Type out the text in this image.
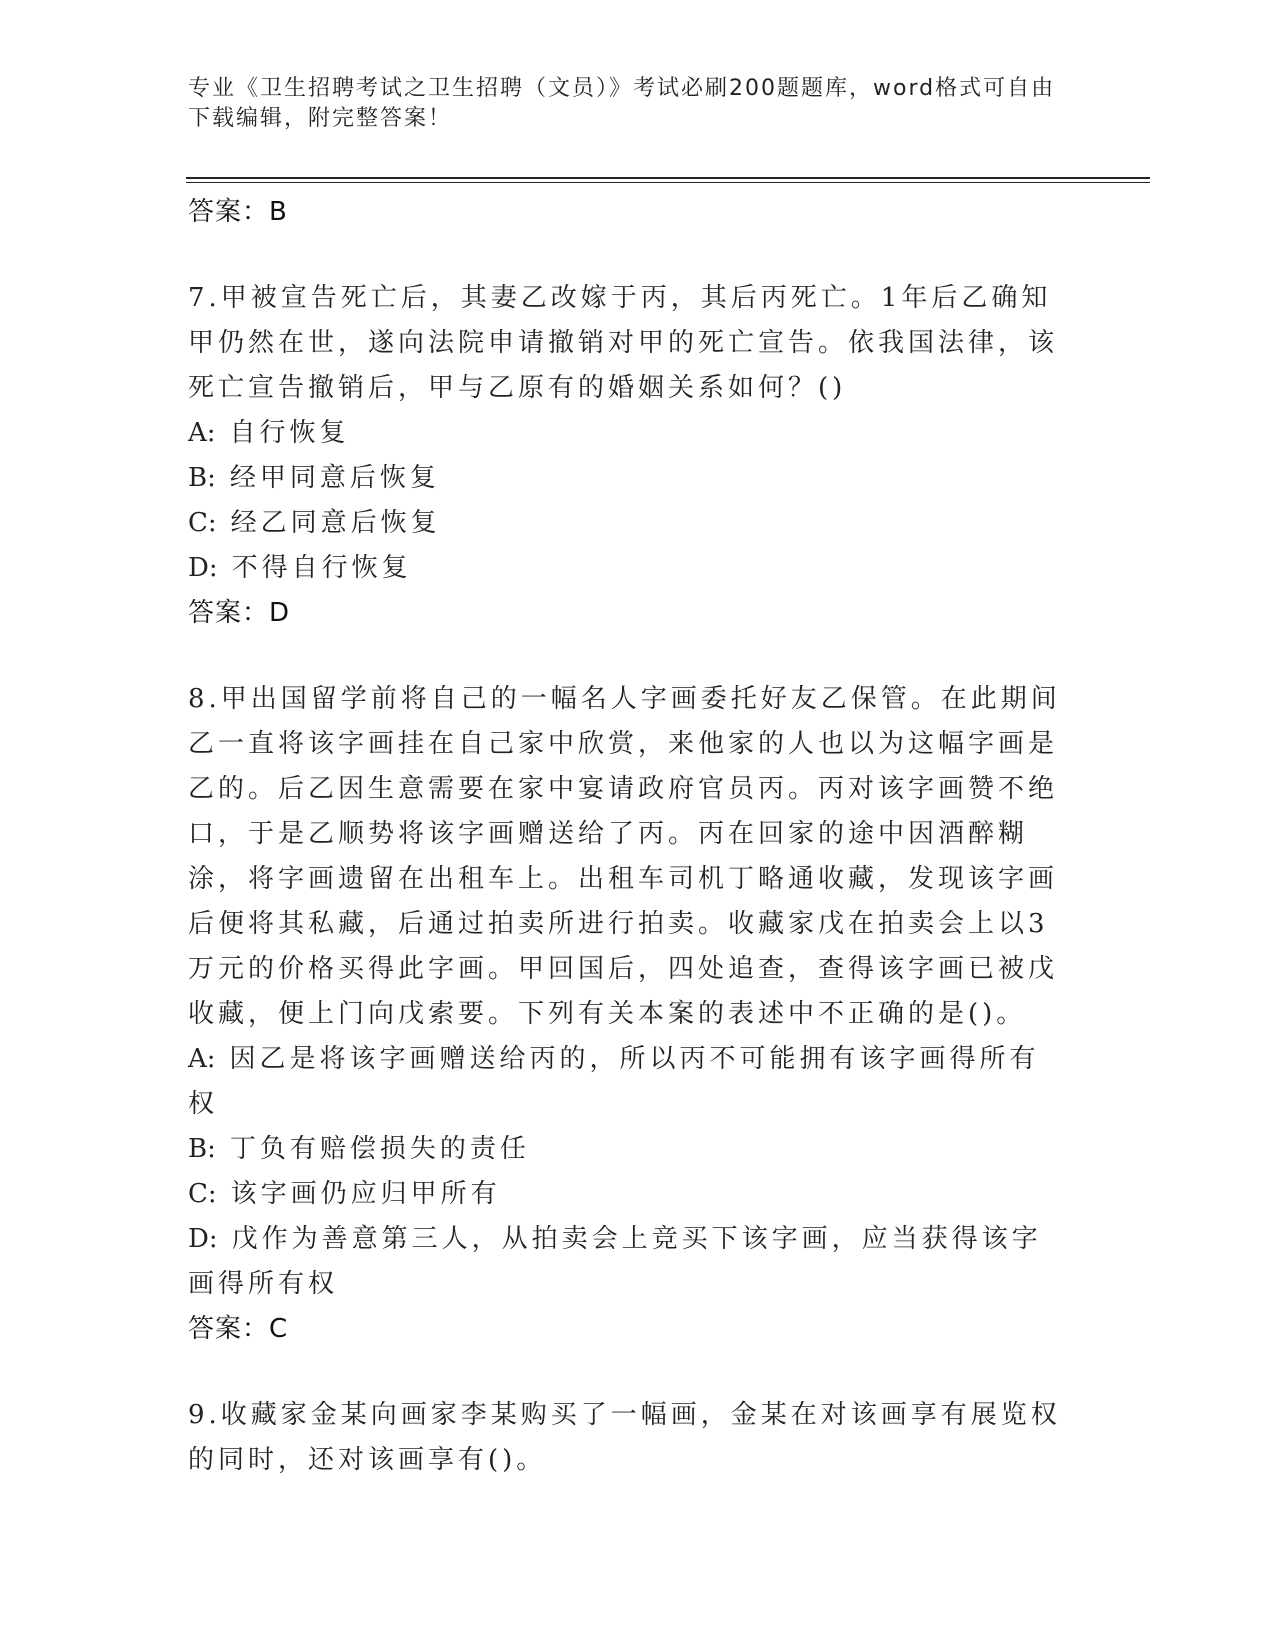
专业《卫生招聘考试之卫生招聘（文员）》考试必刷200题题库，word格式可自由下载编辑，附完整答案！
答案：B

7.甲被宣告死亡后，其妻乙改嫁于丙，其后丙死亡。1年后乙确知甲仍然在世，遂向法院申请撤销对甲的死亡宣告。依我国法律，该死亡宣告撤销后，甲与乙原有的婚姻关系如何？()

A: 自行恢复

B: 经甲同意后恢复

C: 经乙同意后恢复

D: 不得自行恢复

答案：D

8.甲出国留学前将自己的一幅名人字画委托好友乙保管。在此期间乙一直将该字画挂在自己家中欣赏，来他家的人也以为这幅字画是乙的。后乙因生意需要在家中宴请政府官员丙。丙对该字画赞不绝口，于是乙顺势将该字画赠送给了丙。丙在回家的途中因酒醉糊涂，将字画遗留在出租车上。出租车司机丁略通收藏，发现该字画后便将其私藏，后通过拍卖所进行拍卖。收藏家戊在拍卖会上以3万元的价格买得此字画。甲回国后，四处追查，查得该字画已被戊收藏，便上门向戊索要。下列有关本案的表述中不正确的是()。

A: 因乙是将该字画赠送给丙的，所以丙不可能拥有该字画得所有权

B: 丁负有赔偿损失的责任

C: 该字画仍应归甲所有

D: 戊作为善意第三人，从拍卖会上竞买下该字画，应当获得该字画得所有权

答案：C

9.收藏家金某向画家李某购买了一幅画，金某在对该画享有展览权的同时，还对该画享有()。
